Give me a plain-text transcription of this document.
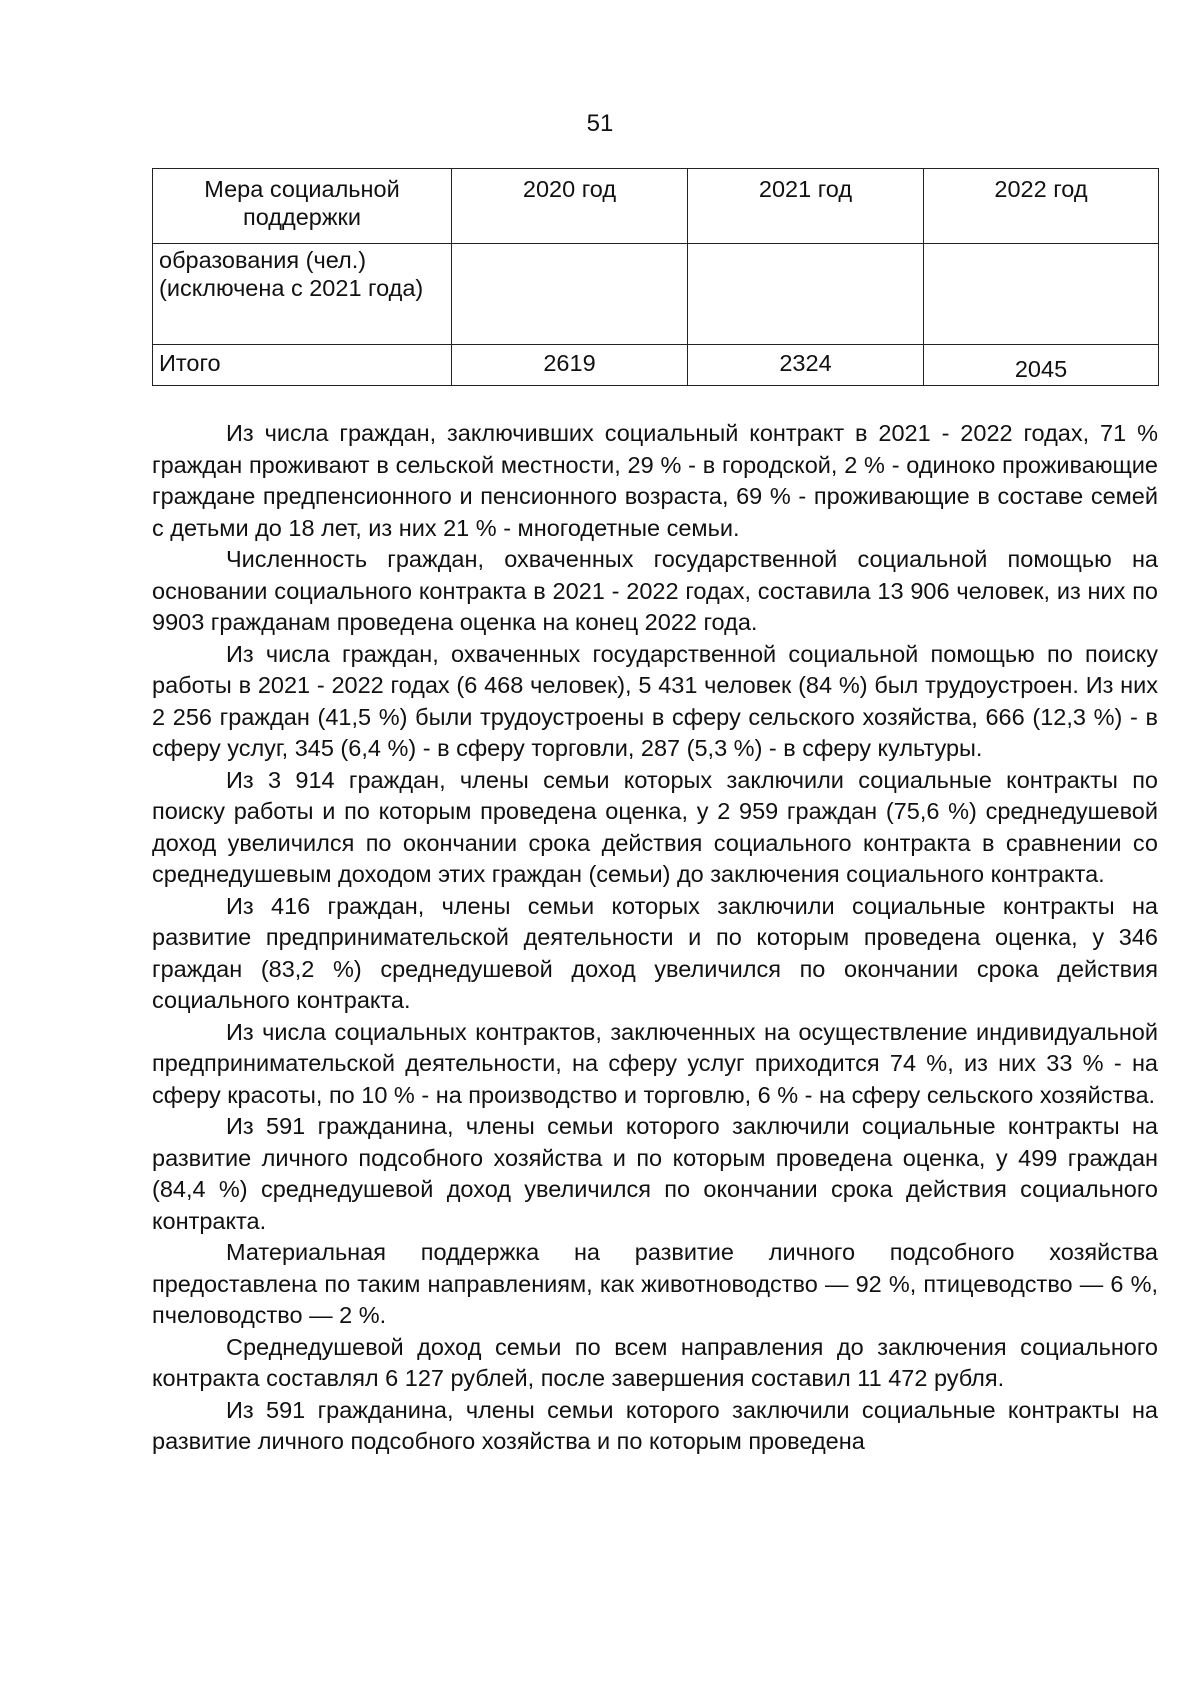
51
Мера социальной поддержки	2020 год	2021 год	2022 год
образования (чел.) (исключена с 2021 года)			
Итого	2619	2324	2045

Из числа граждан, заключивших социальный контракт в 2021 - 2022 годах, 71 % граждан проживают в сельской местности, 29 % - в городской, 2 % - одиноко проживающие граждане предпенсионного и пенсионного возраста, 69 % - проживающие в составе семей с детьми до 18 лет, из них 21 % - многодетные семьи.

Численность граждан, охваченных государственной социальной помощью на основании социального контракта в 2021 - 2022 годах, составила 13 906 человек, из них по 9903 гражданам проведена оценка на конец 2022 года.

Из числа граждан, охваченных государственной социальной помощью по поиску работы в 2021 - 2022 годах (6 468 человек), 5 431 человек (84 %) был трудоустроен. Из них 2 256 граждан (41,5 %) были трудоустроены в сферу сельского хозяйства, 666 (12,3 %) - в сферу услуг, 345 (6,4 %) - в сферу торговли, 287 (5,3 %) - в сферу культуры.

Из 3 914 граждан, члены семьи которых заключили социальные контракты по поиску работы и по которым проведена оценка, у 2 959 граждан (75,6 %) среднедушевой доход увеличился по окончании срока действия социального контракта в сравнении со среднедушевым доходом этих граждан (семьи) до заключения социального контракта.

Из 416 граждан, члены семьи которых заключили социальные контракты на развитие предпринимательской деятельности и по которым проведена оценка, у 346 граждан (83,2 %) среднедушевой доход увеличился по окончании срока действия социального контракта.

Из числа социальных контрактов, заключенных на осуществление индивидуальной предпринимательской деятельности, на сферу услуг приходится 74 %, из них 33 % - на сферу красоты, по 10 % - на производство и торговлю, 6 % - на сферу сельского хозяйства.

Из 591 гражданина, члены семьи которого заключили социальные контракты на развитие личного подсобного хозяйства и по которым проведена оценка, у 499 граждан (84,4 %) среднедушевой доход увеличился по окончании срока действия социального контракта.

Материальная поддержка на развитие личного подсобного хозяйства предоставлена по таким направлениям, как животноводство — 92 %, птицеводство — 6 %, пчеловодство — 2 %.

Среднедушевой доход семьи по всем направления до заключения социального контракта составлял 6 127 рублей, после завершения составил 11 472 рубля.

Из 591 гражданина, члены семьи которого заключили социальные контракты на развитие личного подсобного хозяйства и по которым проведена
